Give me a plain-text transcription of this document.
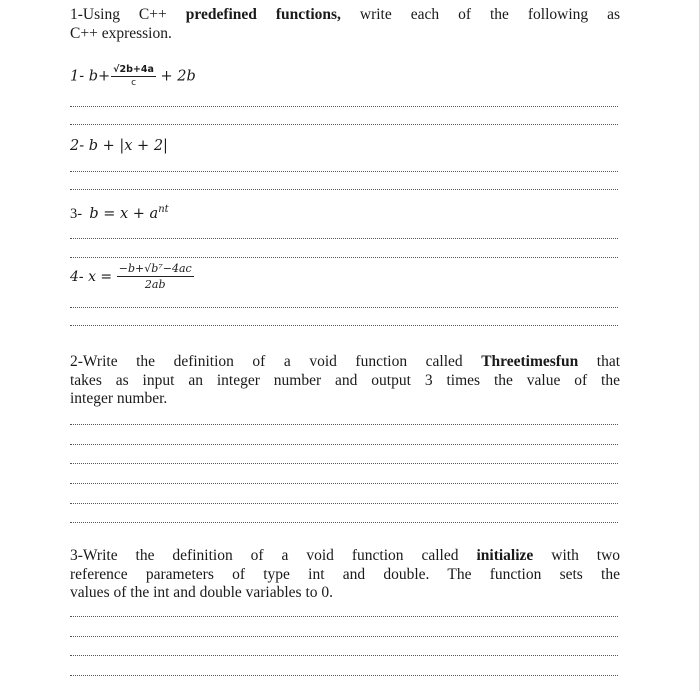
1-Using C++ predefined functions, write each of the following as
C++ expression.
1- $b+ \frac{√2b+4a}{c} + 2b$
2- b + |x + 2|
3- $b = x + a^{nt}$
4- $x = \frac{\text{−b+√b⁷−4ac}}{2ab}$
2-Write the definition of a void function called Threetimesfun that
takes as input an integer number and output 3 times the value of the
integer number.
3-Write the definition of a void function called initialize with two
reference parameters of type int and double. The function sets the
values of the int and double variables to 0.
